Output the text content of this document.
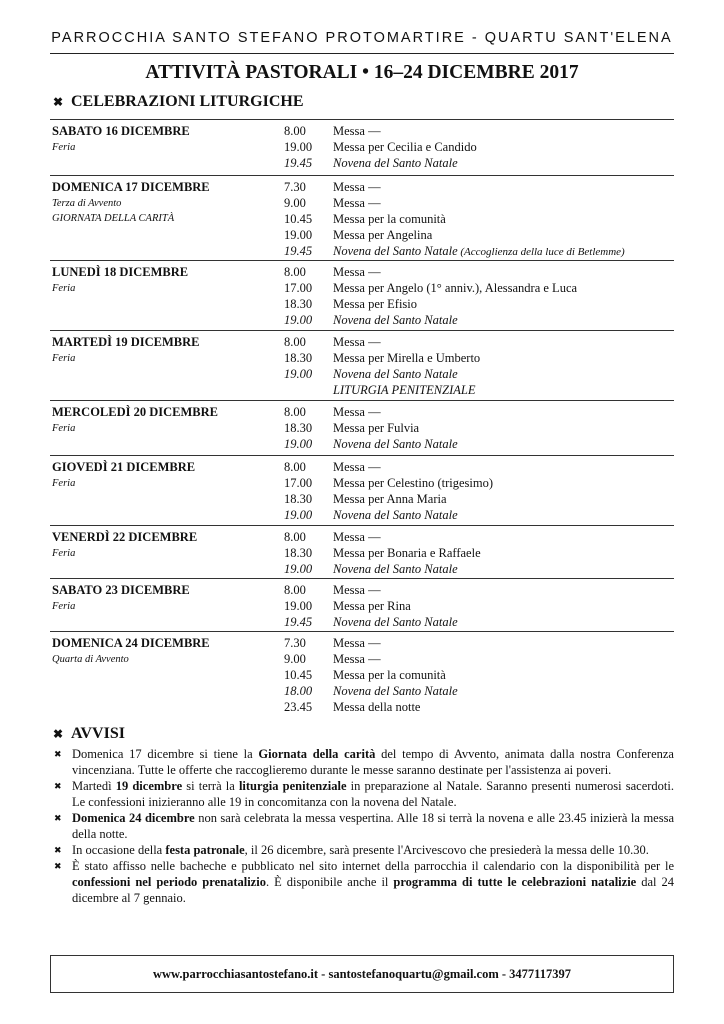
PARROCCHIA SANTO STEFANO PROTOMARTIRE - QUARTU SANT'ELENA
ATTIVITÀ PASTORALI • 16–24 DICEMBRE 2017
✖ CELEBRAZIONI LITURGICHE
SABATO 16 DICEMBRE
Feria
8.00 Messa —
19.00 Messa per Cecilia e Candido
19.45 Novena del Santo Natale
DOMENICA 17 DICEMBRE
Terza di Avvento
GIORNATA DELLA CARITÀ
7.30 Messa —
9.00 Messa —
10.45 Messa per la comunità
19.00 Messa per Angelina
19.45 Novena del Santo Natale (Accoglienza della luce di Betlemme)
LUNEDÌ 18 DICEMBRE
Feria
8.00 Messa —
17.00 Messa per Angelo (1° anniv.), Alessandra e Luca
18.30 Messa per Efisio
19.00 Novena del Santo Natale
MARTEDÌ 19 DICEMBRE
Feria
8.00 Messa —
18.30 Messa per Mirella e Umberto
19.00 Novena del Santo Natale
LITURGIA PENITENZIALE
MERCOLEDÌ 20 DICEMBRE
Feria
8.00 Messa —
18.30 Messa per Fulvia
19.00 Novena del Santo Natale
GIOVEDÌ 21 DICEMBRE
Feria
8.00 Messa —
17.00 Messa per Celestino (trigesimo)
18.30 Messa per Anna Maria
19.00 Novena del Santo Natale
VENERDÌ 22 DICEMBRE
Feria
8.00 Messa —
18.30 Messa per Bonaria e Raffaele
19.00 Novena del Santo Natale
SABATO 23 DICEMBRE
Feria
8.00 Messa —
19.00 Messa per Rina
19.45 Novena del Santo Natale
DOMENICA 24 DICEMBRE
Quarta di Avvento
7.30 Messa —
9.00 Messa —
10.45 Messa per la comunità
18.00 Novena del Santo Natale
23.45 Messa della notte
✖ AVVISI
✖ Domenica 17 dicembre si tiene la Giornata della carità del tempo di Avvento, animata dalla nostra Conferenza vincenziana. Tutte le offerte che raccoglieremo durante le messe saranno destinate per l'assistenza ai poveri.
✖ Martedì 19 dicembre si terrà la liturgia penitenziale in preparazione al Natale. Saranno presenti numerosi sacerdoti. Le confessioni inizieranno alle 19 in concomitanza con la novena del Natale.
✖ Domenica 24 dicembre non sarà celebrata la messa vespertina. Alle 18 si terrà la novena e alle 23.45 inizierà la messa della notte.
✖ In occasione della festa patronale, il 26 dicembre, sarà presente l'Arcivescovo che presiederà la messa delle 10.30.
✖ È stato affisso nelle bacheche e pubblicato nel sito internet della parrocchia il calendario con la disponibilità per le confessioni nel periodo prenatalizio. È disponibile anche il programma di tutte le celebrazioni natalizie dal 24 dicembre al 7 gennaio.
www.parrocchiasantostefano.it - santostefanoquartu@gmail.com - 3477117397
